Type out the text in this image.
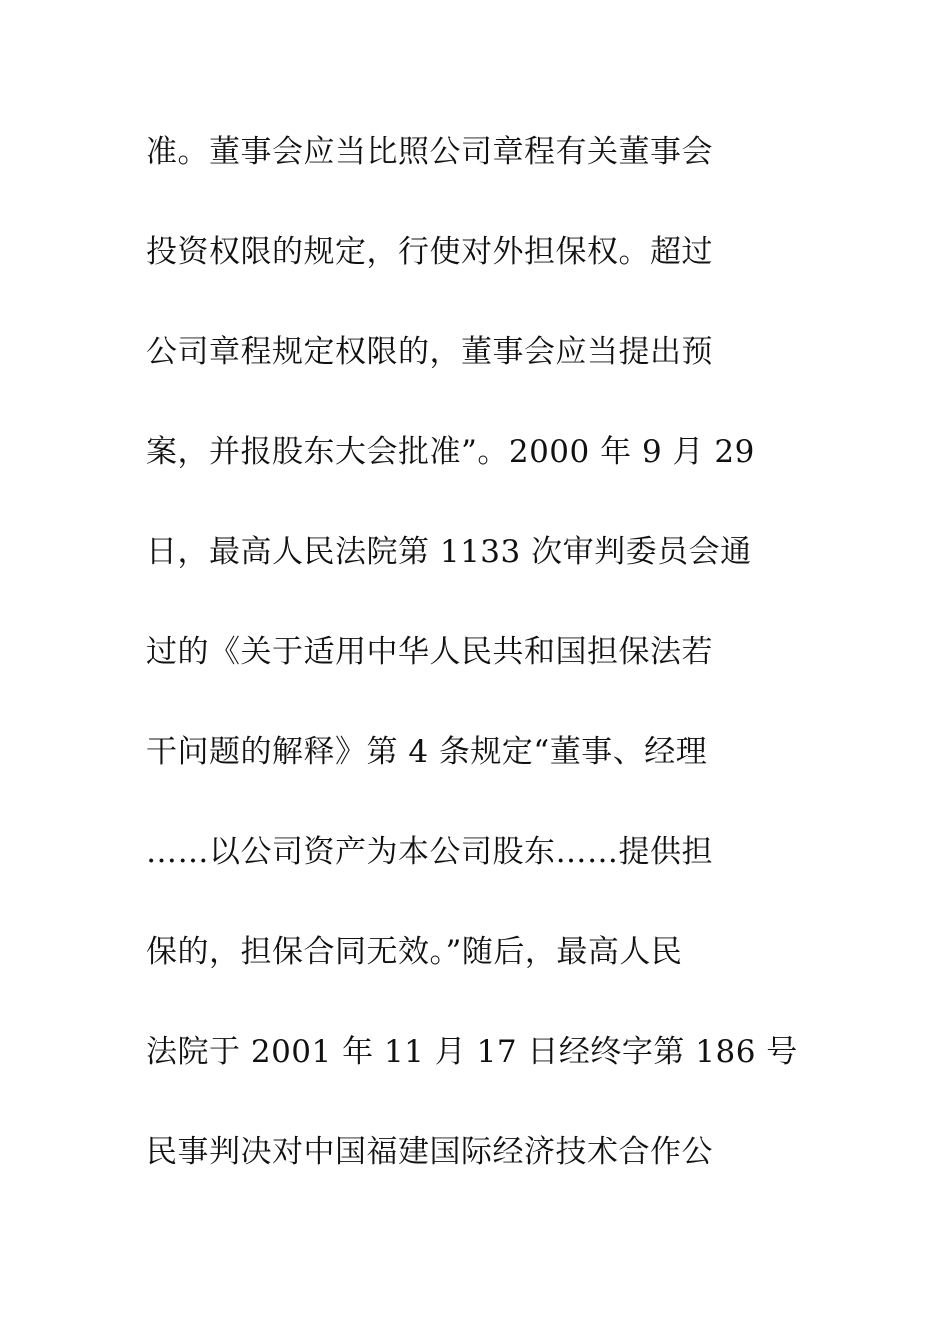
准。董事会应当比照公司章程有关董事会
投资权限的规定，行使对外担保权。超过
公司章程规定权限的，董事会应当提出预
案，并报股东大会批准”。2000 年 9 月 29
日，最高人民法院第 1133 次审判委员会通
过的《关于适用中华人民共和国担保法若
干问题的解释》第 4 条规定“董事、经理
……以公司资产为本公司股东……提供担
保的，担保合同无效。”随后，最高人民
法院于 2001 年 11 月 17 日经终字第 186 号
民事判决对中国福建国际经济技术合作公
